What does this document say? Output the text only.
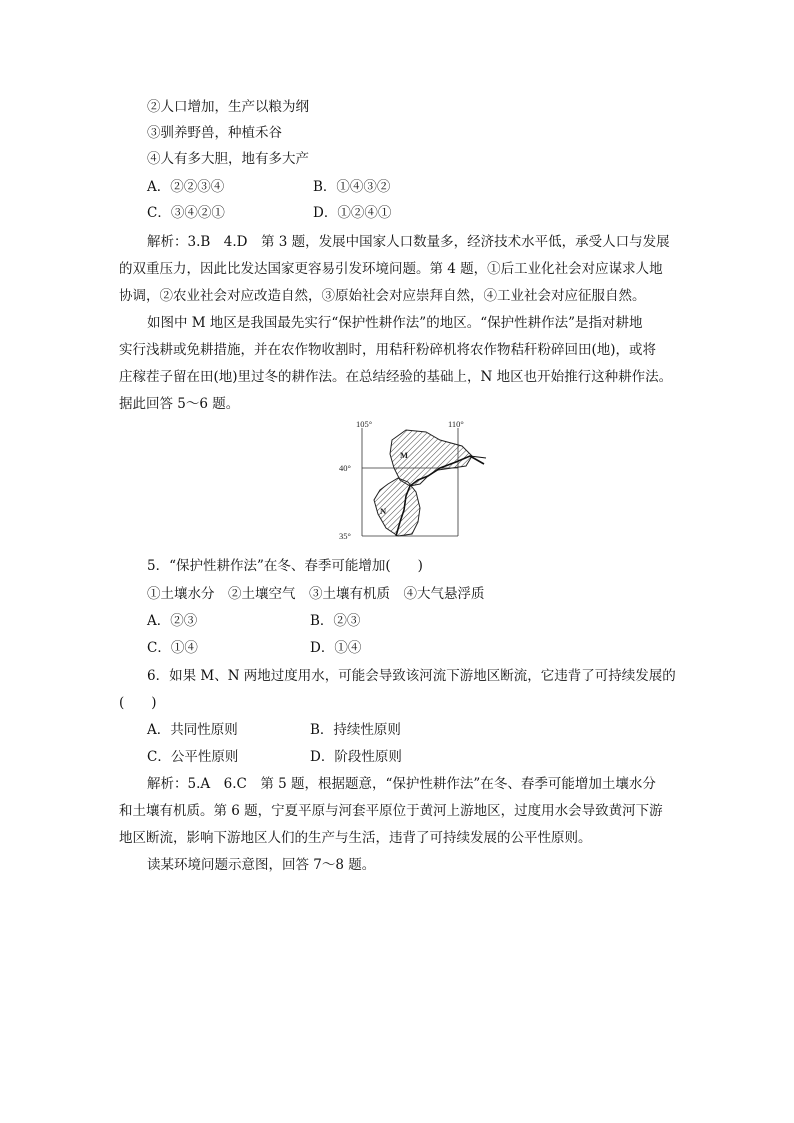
②人口增加，生产以粮为纲
③驯养野兽，种植禾谷
④人有多大胆，地有多大产
A．②②③④	B．①④③②
C．③④②①	D．①②④①
解析：3.B　4.D　第 3 题，发展中国家人口数量多，经济技术水平低，承受人口与发展
的双重压力，因此比发达国家更容易引发环境问题。第 4 题，①后工业化社会对应谋求人地
协调，②农业社会对应改造自然，③原始社会对应崇拜自然，④工业社会对应征服自然。
如图中 M 地区是我国最先实行“保护性耕作法”的地区。“保护性耕作法”是指对耕地
实行浅耕或免耕措施，并在农作物收割时，用秸秆粉碎机将农作物秸秆粉碎回田(地)，或将
庄稼茬子留在田(地)里过冬的耕作法。在总结经验的基础上，N 地区也开始推行这种耕作法。
据此回答 5～6 题。
105°	110°
40°
35°
M
N
5．“保护性耕作法”在冬、春季可能增加(　　)
①土壤水分　②土壤空气　③土壤有机质　④大气悬浮质
A．②③	B．②③
C．①④	D．①④
6．如果 M、N 两地过度用水，可能会导致该河流下游地区断流，它违背了可持续发展的
(　　)
A．共同性原则	B．持续性原则
C．公平性原则	D．阶段性原则
解析：5.A　6.C　第 5 题，根据题意，“保护性耕作法”在冬、春季可能增加土壤水分
和土壤有机质。第 6 题，宁夏平原与河套平原位于黄河上游地区，过度用水会导致黄河下游
地区断流，影响下游地区人们的生产与生活，违背了可持续发展的公平性原则。
读某环境问题示意图，回答 7～8 题。
